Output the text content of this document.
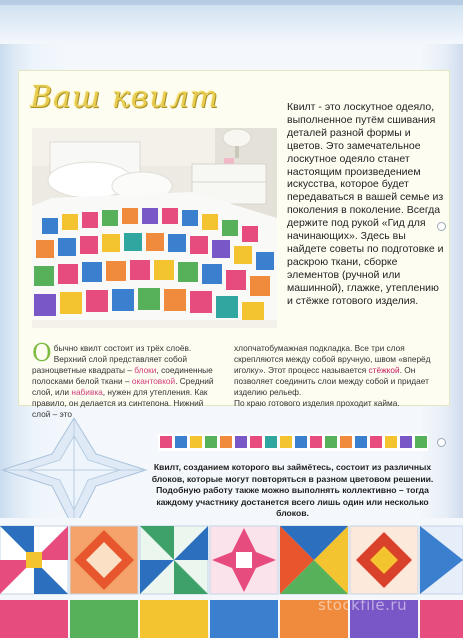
Ваш квилт	Квилт - это лоскутное одеяло, выполненное путём сшивания деталей разной формы и цветов. Это замечательное лоскутное одеяло станет настоящим произведением искусства, которое будет передаваться в вашей семье из поколения в поколение. Всегда держите под рукой «Гид для начинающих». Здесь вы найдете советы по подготовке и раскрою ткани, сборке элементов (ручной или машинной), глажке, утеплению и стёжке готового изделия.

Обычно квилт состоит из трёх слоёв. Верхний слой представляет собой разноцветные квадраты – блоки, соединенные полосками белой ткани – окантовкой. Средний слой, или набивка, нужен для утепления. Как правило, он делается из синтепона. Нижний слой – это

хлопчатобумажная подкладка. Все три слоя скрепляются между собой вручную, швом «вперёд иголку». Этот процесс называется стёжкой. Он позволяет соединить слои между собой и придает изделию рельеф.
По краю готового изделия проходит кайма.

Квилт, созданием которого вы займётесь, состоит из различных блоков, которые могут повторяться в разном цветовом решении. Подобную работу также можно выполнять коллективно – тогда каждому участнику достанется всего лишь один или несколько блоков.

stockfile.ru
